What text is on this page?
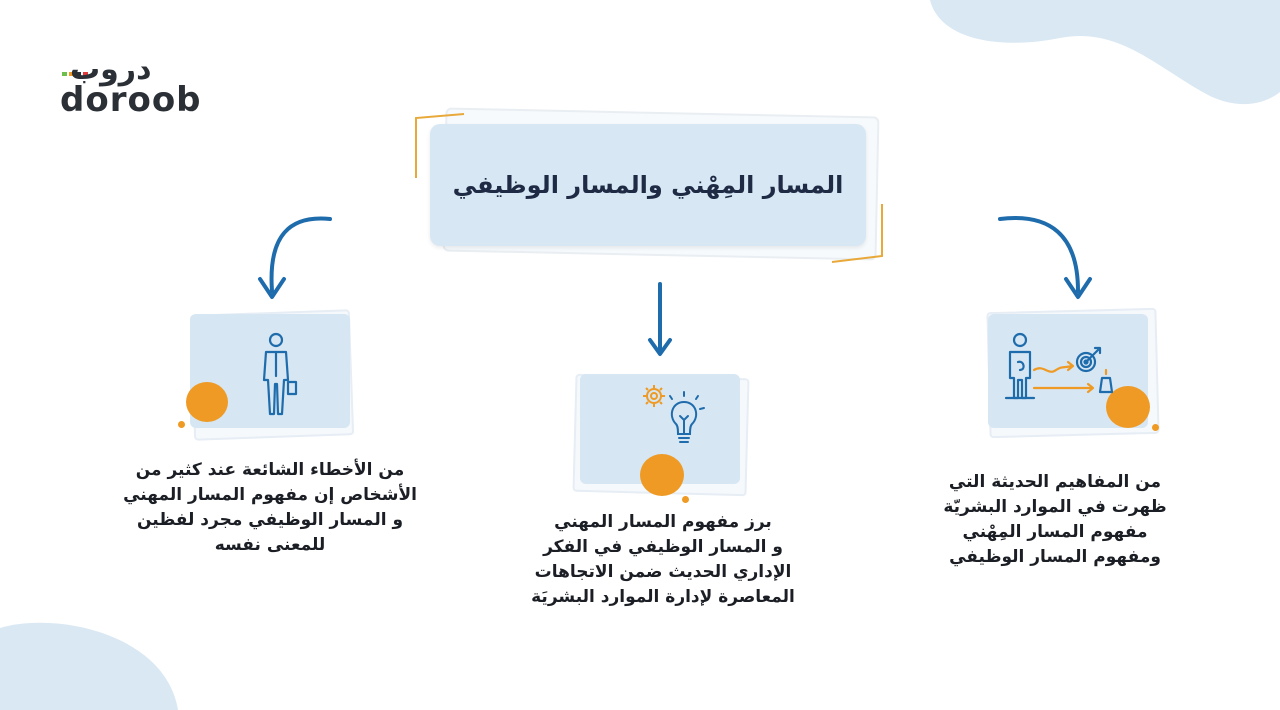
دروب
doroob
المسار المِهْني والمسار الوظيفي
من الأخطاء الشائعة عند كثير من
الأشخاص إن مفهوم المسار المهني
و المسار الوظيفي مجرد لفظين
للمعنى نفسه
برز مفهوم المسار المهني
و المسار الوظيفي في الفكر
الإداري الحديث ضمن الاتجاهات
المعاصرة لإدارة الموارد البشريَة
من المفاهيم الحديثة التي
ظهرت في الموارد البشريّة
مفهوم المسار المِهْني
ومفهوم المسار الوظيفي
